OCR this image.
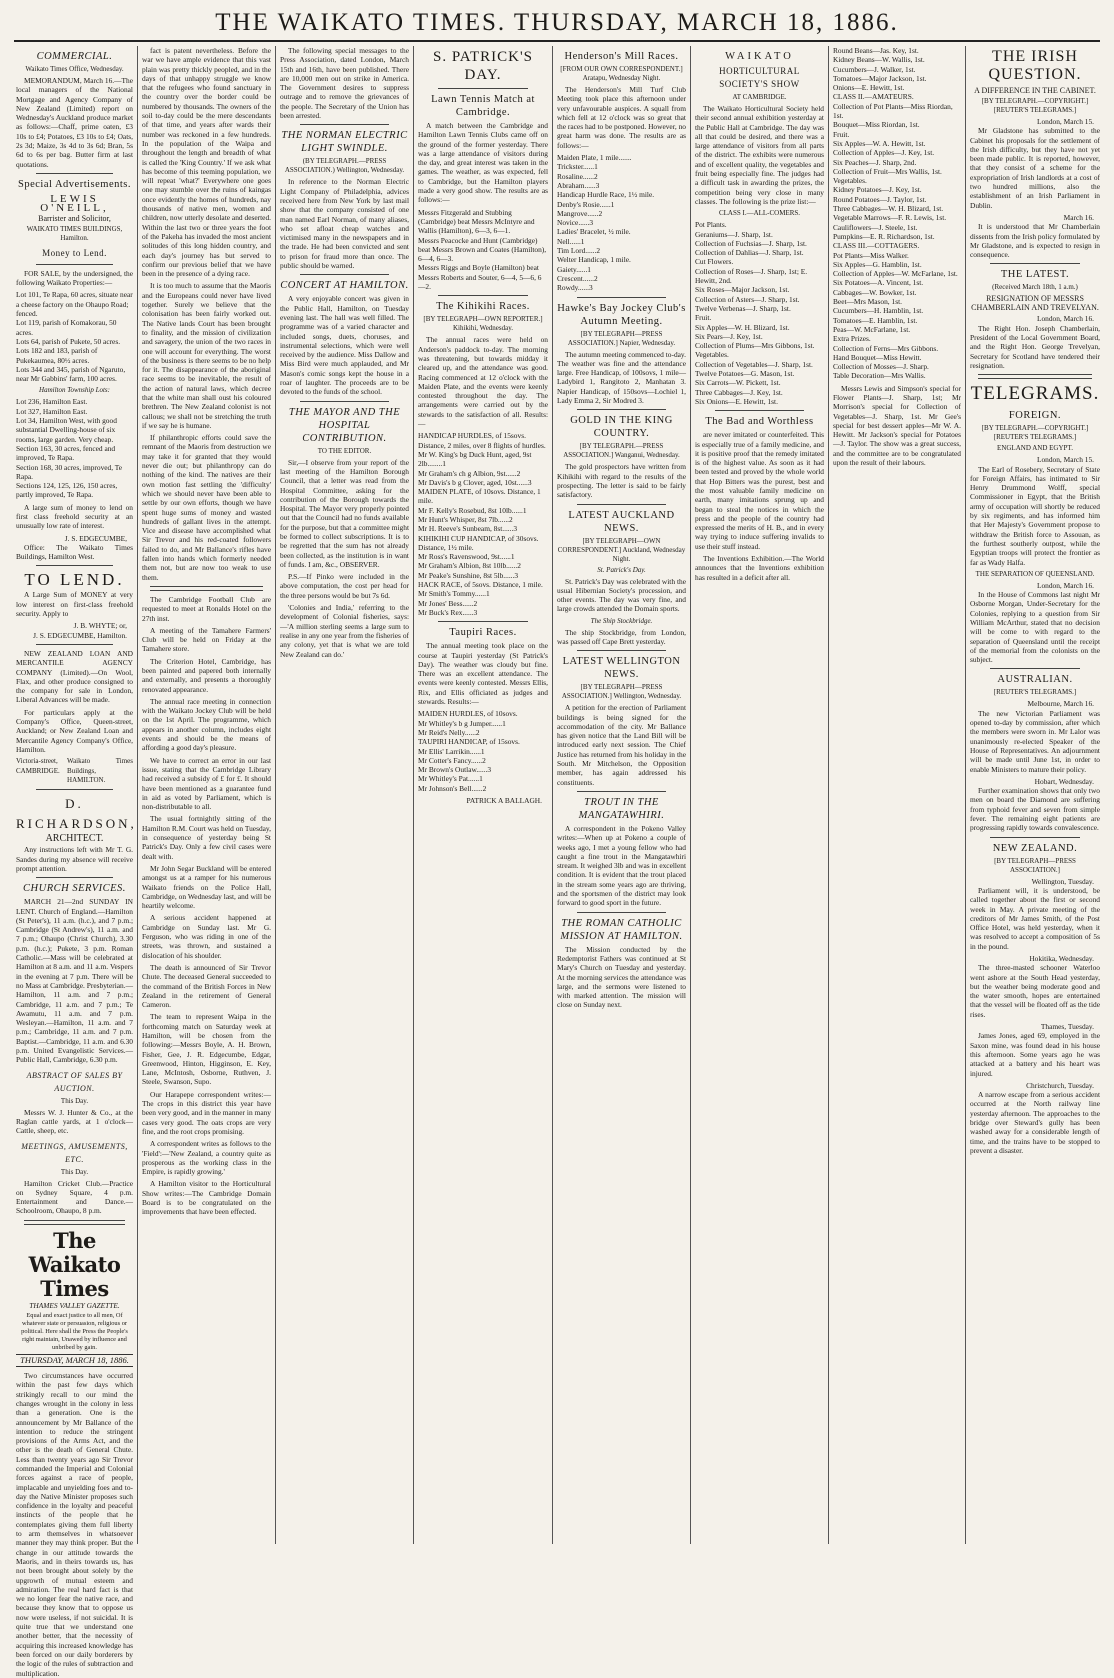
THE WAIKATO TIMES. THURSDAY, MARCH 18, 1886.
COMMERCIAL.
Waikato Times Office, Wednesday.

MEMORANDUM, March 16.—The local managers of the National Mortgage and Agency Company of New Zealand (Limited) report on Wednesday's Auckland produce market as follows:—Chaff, prime oaten, £3 10s to £4; Potatoes, £3 10s to £4; Oats, 2s 3d; Maize, 3s 4d to 3s 6d; Bran, 5s 6d to 6s per bag. Butter firm at last quotations.

Special Advertisements.
LEWIS O'NEILL,
Barrister and Solicitor,
WAIKATO TIMES BUILDINGS, Hamilton.
Money to Lend.

FOR SALE, by the undersigned, the following Waikato Properties:—

Lot 101, Te Rapa, 60 acres, situate near a cheese factory on the Ohaupo Road; fenced.
Lot 119, parish of Komakorau, 50 acres.
Lots 64, parish of Pukete, 50 acres.
Lots 182 and 183, parish of Pukekaumea, 80½ acres.
Lots 344 and 345, parish of Ngaruto, near Mr Gabbins' farm, 100 acres.
Hamilton Township Lots:
Lot 236, Hamilton East.
Lot 327, Hamilton East.
Lot 34, Hamilton West, with good substantial Dwelling-house of six rooms, large garden. Very cheap.
Section 163, 30 acres, fenced and improved, Te Rapa.
Section 168, 30 acres, improved, Te Rapa.
Sections 124, 125, 126, 150 acres, partly improved, Te Rapa.

A large sum of money to lend on first class freehold security at an unusually low rate of interest.

J. S. EDGECUMBE,

Office: The Waikato Times Buildings, Hamilton West.

TO LEND.

A Large Sum of MONEY at very low interest on first-class freehold security. Apply to

J. B. WHYTE; or,
J. S. EDGECUMBE, Hamilton.

NEW ZEALAND LOAN AND MERCANTILE AGENCY COMPANY (Limited).—On Wool, Flax, and other produce consigned to the company for sale in London, Liberal Advances will be made.

For particulars apply at the Company's Office, Queen-street, Auckland; or New Zealand Loan and Mercantile Agency Company's Office, Hamilton.

Victoria-street, CAMBRIDGE.
Waikato Times Buildings, HAMILTON.
D. RICHARDSON,
ARCHITECT.

Any instructions left with Mr T. G. Sandes during my absence will receive prompt attention.

CHURCH SERVICES.

MARCH 21—2nd SUNDAY IN LENT. Church of England.—Hamilton (St Peter's), 11 a.m. (h.c.), and 7 p.m.; Cambridge (St Andrew's), 11 a.m. and 7 p.m.; Ohaupo (Christ Church), 3.30 p.m. (h.c.); Pukete, 3 p.m. Roman Catholic.—Mass will be celebrated at Hamilton at 8 a.m. and 11 a.m. Vespers in the evening at 7 p.m. There will be no Mass at Cambridge. Presbyterian.—Hamilton, 11 a.m. and 7 p.m.; Cambridge, 11 a.m. and 7 p.m.; Te Awamutu, 11 a.m. and 7 p.m. Wesleyan.—Hamilton, 11 a.m. and 7 p.m.; Cambridge, 11 a.m. and 7 p.m. Baptist.—Cambridge, 11 a.m. and 6.30 p.m. United Evangelistic Services.—Public Hall, Cambridge, 6.30 p.m.

ABSTRACT OF SALES BY AUCTION.
This Day.

Messrs W. J. Hunter & Co., at the Raglan cattle yards, at 1 o'clock—Cattle, sheep, etc.

MEETINGS, AMUSEMENTS, ETC.
This Day.

Hamilton Cricket Club.—Practice on Sydney Square, 4 p.m. Entertainment and Dance.—Schoolroom, Ohaupo, 8 p.m.

The Waikato Times
THAMES VALLEY GAZETTE.
Equal and exact justice to all men, Of whatever state or persuasion, religious or political. Here shall the Press the People's right maintain, Unawed by influence and unbribed by gain.
THURSDAY, MARCH 18, 1886.

Two circumstances have occurred within the past few days which strikingly recall to our mind the changes wrought in the colony in less than a generation. One is the announcement by Mr Ballance of the intention to reduce the stringent provisions of the Arms Act, and the other is the death of General Chute. Less than twenty years ago Sir Trevor commanded the Imperial and Colonial forces against a race of people, implacable and unyielding foes and to-day the Native Minister proposes such confidence in the loyalty and peaceful instincts of the people that he contemplates giving them full liberty to arm themselves in whatsoever manner they may think proper. But the change in our attitude towards the Maoris, and in theirs towards us, has not been brought about solely by the upgrowth of mutual esteem and admiration. The real hard fact is that we no longer fear the native race, and because they know that to oppose us now were useless, if not suicidal. It is quite true that we understand one another better, that the necessity of acquiring this increased knowledge has been forced on our daily borderers by the logic of the rules of subtraction and multiplication.

fact is patent nevertheless. Before the war we have ample evidence that this vast plain was pretty thickly peopled, and in the days of that unhappy struggle we know that the refugees who found sanctuary in the country over the border could be numbered by thousands. The owners of the soil to-day could be the mere descendants of that time, and years after wards their number was reckoned in a few hundreds. In the population of the Waipa and throughout the length and breadth of what is called the 'King Country.' If we ask what has become of this teeming population, we will repeat 'what?' Everywhere one goes one may stumble over the ruins of kaingas once evidently the homes of hundreds, nay thousands of native men, women and children, now utterly desolate and deserted. Within the last two or three years the foot of the Pakeha has invaded the most ancient solitudes of this long hidden country, and each day's journey has but served to confirm our previous belief that we have been in the presence of a dying race.

It is too much to assume that the Maoris and the Europeans could never have lived together. Surely we believe that the colonisation has been fairly worked out. The Native lands Court has been brought to finality, and the mission of civilization and savagery, the union of the two races in one will account for everything. The worst of the business is there seems to be no help for it. The disappearance of the aboriginal race seems to be inevitable, the result of the action of natural laws, which decree that the white man shall oust his coloured brethren. The New Zealand colonist is not callous; we shall not be stretching the truth if we say he is humane.

If philanthropic efforts could save the remnant of the Maoris from destruction we may take it for granted that they would never die out; but philanthropy can do nothing of the kind. The natives are their own motion fast settling the 'difficulty' which we should never have been able to settle by our own efforts, though we have spent huge sums of money and wasted hundreds of gallant lives in the attempt. Vice and disease have accomplished what Sir Trevor and his red-coated followers failed to do, and Mr Ballance's rifles have fallen into hands which formerly needed them not, but are now too weak to use them.

The Cambridge Football Club are requested to meet at Ronalds Hotel on the 27th inst.

A meeting of the Tamahere Farmers' Club will be held on Friday at the Tamahere store.

The Criterion Hotel, Cambridge, has been painted and papered both internally and externally, and presents a thoroughly renovated appearance.

The annual race meeting in connection with the Waikato Jockey Club will be held on the 1st April. The programme, which appears in another column, includes eight events and should be the means of affording a good day's pleasure.

We have to correct an error in our last issue, stating that the Cambridge Library had received a subsidy of £ for £. It should have been mentioned as a guarantee fund in aid as voted by Parliament, which is non-distributable to all.

The usual fortnightly sitting of the Hamilton R.M. Court was held on Tuesday, in consequence of yesterday being St Patrick's Day. Only a few civil cases were dealt with.

Mr John Segar Buckland will be entered amongst us at a ramper for his numerous Waikato friends on the Police Hall, Cambridge, on Wednesday last, and will be heartily welcome.

A serious accident happened at Cambridge on Sunday last. Mr G. Ferguson, who was riding in one of the streets, was thrown, and sustained a dislocation of his shoulder.

The death is announced of Sir Trevor Chute. The deceased General succeeded to the command of the British Forces in New Zealand in the retirement of General Cameron.

The team to represent Waipa in the forthcoming match on Saturday week at Hamilton, will be chosen from the following:—Messrs Boyle, A. H. Brown, Fisher, Gee, J. R. Edgecumbe, Edgar, Greenwood, Hinton, Higginson, E. Key, Lane, McIntosh, Osborne, Ruthven, J. Steele, Swanson, Supo.

Our Harapepe correspondent writes:—The crops in this district this year have been very good, and in the manner in many cases very good. The oats crops are very fine, and the root crops promising.

A correspondent writes as follows to the 'Field':—'New Zealand, a country quite as prosperous as the working class in the Empire, is rapidly growing.'

A Hamilton visitor to the Horticultural Show writes:—The Cambridge Domain Board is to be congratulated on the improvements that have been effected.

The following special messages to the Press Association, dated London, March 15th and 16th, have been published. There are 10,000 men out on strike in America. The Government desires to suppress outrage and to remove the grievances of the people. The Secretary of the Union has been arrested.

THE NORMAN ELECTRIC LIGHT SWINDLE.
(BY TELEGRAPH.—PRESS ASSOCIATION.) Wellington, Wednesday.

In reference to the Norman Electric Light Company of Philadelphia, advices received here from New York by last mail show that the company consisted of one man named Earl Norman, of many aliases, who set afloat cheap watches and victimised many in the newspapers and in the trade. He had been convicted and sent to prison for fraud more than once. The public should be warned.

CONCERT AT HAMILTON.

A very enjoyable concert was given in the Public Hall, Hamilton, on Tuesday evening last. The hall was well filled. The programme was of a varied character and included songs, duets, choruses, and instrumental selections, which were well received by the audience. Miss Dallow and Miss Bird were much applauded, and Mr Mason's comic songs kept the house in a roar of laughter. The proceeds are to be devoted to the funds of the school.

THE MAYOR AND THE HOSPITAL CONTRIBUTION.
TO THE EDITOR.

Sir,—I observe from your report of the last meeting of the Hamilton Borough Council, that a letter was read from the Hospital Committee, asking for the contribution of the Borough towards the Hospital. The Mayor very properly pointed out that the Council had no funds available for the purpose, but that a committee might be formed to collect subscriptions. It is to be regretted that the sum has not already been collected, as the institution is in want of funds. I am, &c., OBSERVER.

P.S.—If Pinko were included in the above computation, the cost per head for the three persons would be but 7s 6d.

'Colonies and India,' referring to the development of Colonial fisheries, says:—'A million sterling seems a large sum to realise in any one year from the fisheries of any colony, yet that is what we are told New Zealand can do.'

S. PATRICK'S DAY.
Lawn Tennis Match at Cambridge.

A match between the Cambridge and Hamilton Lawn Tennis Clubs came off on the ground of the former yesterday. There was a large attendance of visitors during the day, and great interest was taken in the games. The weather, as was expected, fell to Cambridge, but the Hamilton players made a very good show. The results are as follows:—

Messrs Fitzgerald and Stubbing (Cambridge) beat Messrs McIntyre and Wallis (Hamilton), 6—3, 6—1.
Messrs Peacocke and Hunt (Cambridge) beat Messrs Brown and Coates (Hamilton), 6—4, 6—3.
Messrs Riggs and Boyle (Hamilton) beat Messrs Roberts and Souter, 6—4, 5—6, 6—2.
The Kihikihi Races.
[BY TELEGRAPH—OWN REPORTER.] Kihikihi, Wednesday.

The annual races were held on Anderson's paddock to-day. The morning was threatening, but towards midday it cleared up, and the attendance was good. Racing commenced at 12 o'clock with the Maiden Plate, and the events were keenly contested throughout the day. The arrangements were carried out by the stewards to the satisfaction of all. Results:—

HANDICAP HURDLES, of 15sovs. Distance, 2 miles, over 8 flights of hurdles.
Mr W. King's bg Duck Hunt, aged, 9st 2lb........1
Mr Graham's ch g Albion, 9st......2
Mr Davis's b g Clover, aged, 10st......3
MAIDEN PLATE, of 10sovs. Distance, 1 mile.
Mr F. Kelly's Rosebud, 8st 10lb......1
Mr Hunt's Whisper, 8st 7lb......2
Mr H. Reeve's Sunbeam, 8st......3
KIHIKIHI CUP HANDICAP, of 30sovs. Distance, 1½ mile.
Mr Ross's Ravenswood, 9st......1
Mr Graham's Albion, 8st 10lb......2
Mr Peake's Sunshine, 8st 5lb......3
HACK RACE, of 5sovs. Distance, 1 mile.
Mr Smith's Tommy......1
Mr Jones' Bess......2
Mr Buck's Rex......3
Taupiri Races.

The annual meeting took place on the course at Taupiri yesterday (St Patrick's Day). The weather was cloudy but fine. There was an excellent attendance. The events were keenly contested. Messrs Ellis, Rix, and Ellis officiated as judges and stewards. Results:—

MAIDEN HURDLES, of 10sovs.
Mr Whitley's b g Jumper......1
Mr Reid's Nelly......2
TAUPIRI HANDICAP, of 15sovs.
Mr Ellis' Larrikin......1
Mr Cotter's Fancy......2
Mr Brown's Outlaw......3
Mr Whitley's Pat......1
Mr Johnson's Bell......2
PATRICK A BALLAGH.
Henderson's Mill Races.
[FROM OUR OWN CORRESPONDENT.] Aratapu, Wednesday Night.

The Henderson's Mill Turf Club Meeting took place this afternoon under very unfavourable auspices. A squall from which fell at 12 o'clock was so great that the races had to be postponed. However, no great harm was done. The results are as follows:—

Maiden Plate, 1 mile.......
Trickster......1
Rosaline......2
Abraham......3
Handicap Hurdle Race, 1½ mile.
Denby's Rosie......1
Mangrove......2
Novice......3
Ladies' Bracelet, ½ mile.
Nell......1
Tim Lord......2
Welter Handicap, 1 mile.
Gaiety......1
Crescent......2
Rowdy......3
Hawke's Bay Jockey Club's Autumn Meeting.
[BY TELEGRAPH—PRESS ASSOCIATION.] Napier, Wednesday.

The autumn meeting commenced to-day. The weather was fine and the attendance large. Free Handicap, of 100sovs, 1 mile—Ladybird 1, Rangitoto 2, Manhatan 3. Napier Handicap, of 150sovs—Lochiel 1, Lady Emma 2, Sir Modred 3.

GOLD IN THE KING COUNTRY.
[BY TELEGRAPH.—PRESS ASSOCIATION.] Wanganui, Wednesday.

The gold prospectors have written from Kihikihi with regard to the results of the prospecting. The letter is said to be fairly satisfactory.

LATEST AUCKLAND NEWS.
[BY TELEGRAPH—OWN CORRESPONDENT.] Auckland, Wednesday Night.
St. Patrick's Day.

St. Patrick's Day was celebrated with the usual Hibernian Society's procession, and other events. The day was very fine, and large crowds attended the Domain sports.

The Ship Stockbridge.

The ship Stockbridge, from London, was passed off Cape Brett yesterday.

LATEST WELLINGTON NEWS.
[BY TELEGRAPH—PRESS ASSOCIATION.] Wellington, Wednesday.

A petition for the erection of Parliament buildings is being signed for the accommodation of the city. Mr Ballance has given notice that the Land Bill will be introduced early next session. The Chief Justice has returned from his holiday in the South. Mr Mitchelson, the Opposition member, has again addressed his constituents.

TROUT IN THE MANGATAWHIRI.

A correspondent in the Pokeno Valley writes:—When up at Pokeno a couple of weeks ago, I met a young fellow who had caught a fine trout in the Mangatawhiri stream. It weighed 3lb and was in excellent condition. It is evident that the trout placed in the stream some years ago are thriving, and the sportsmen of the district may look forward to good sport in the future.

THE ROMAN CATHOLIC MISSION AT HAMILTON.

The Mission conducted by the Redemptorist Fathers was continued at St Mary's Church on Tuesday and yesterday. At the morning services the attendance was large, and the sermons were listened to with marked attention. The mission will close on Sunday next.

WAIKATO
HORTICULTURAL SOCIETY'S SHOW
AT CAMBRIDGE.

The Waikato Horticultural Society held their second annual exhibition yesterday at the Public Hall at Cambridge. The day was all that could be desired, and there was a large attendance of visitors from all parts of the district. The exhibits were numerous and of excellent quality, the vegetables and fruit being especially fine. The judges had a difficult task in awarding the prizes, the competition being very close in many classes. The following is the prize list:—

CLASS I.—ALL-COMERS.
Pot Plants.
Geraniums—J. Sharp, 1st.
Collection of Fuchsias—J. Sharp, 1st.
Collection of Dahlias—J. Sharp, 1st.
Cut Flowers.
Collection of Roses—J. Sharp, 1st; E. Hewitt, 2nd.
Six Roses—Major Jackson, 1st.
Collection of Asters—J. Sharp, 1st.
Twelve Verbenas—J. Sharp, 1st.
Fruit.
Six Apples—W. H. Blizard, 1st.
Six Pears—J. Key, 1st.
Collection of Plums—Mrs Gibbons, 1st.
Vegetables.
Collection of Vegetables—J. Sharp, 1st.
Twelve Potatoes—G. Mason, 1st.
Six Carrots—W. Pickett, 1st.
Three Cabbages—J. Key, 1st.
Six Onions—E. Hewitt, 1st.
The Bad and Worthless

are never imitated or counterfeited. This is especially true of a family medicine, and it is positive proof that the remedy imitated is of the highest value. As soon as it had been tested and proved by the whole world that Hop Bitters was the purest, best and the most valuable family medicine on earth, many imitations sprung up and began to steal the notices in which the press and the people of the country had expressed the merits of H. B., and in every way trying to induce suffering invalids to use their stuff instead.

The Inventions Exhibition.—The World announces that the Inventions exhibition has resulted in a deficit after all.

Round Beans—Jas. Key, 1st.
Kidney Beans—W. Wallis, 1st.
Cucumbers—J. Walker, 1st.
Tomatoes—Major Jackson, 1st.
Onions—E. Hewitt, 1st.
CLASS II.—AMATEURS.
Collection of Pot Plants—Miss Riordan, 1st.
Bouquet—Miss Riordan, 1st.
Fruit.
Six Apples—W. A. Hewitt, 1st.
Collection of Apples—J. Key, 1st.
Six Peaches—J. Sharp, 2nd.
Collection of Fruit—Mrs Wallis, 1st.
Vegetables.
Kidney Potatoes—J. Key, 1st.
Round Potatoes—J. Taylor, 1st.
Three Cabbages—W. H. Blizard, 1st.
Vegetable Marrows—F. R. Lewis, 1st.
Cauliflowers—J. Steele, 1st.
Pumpkins—E. R. Richardson, 1st.
CLASS III.—COTTAGERS.
Pot Plants—Miss Walker.
Six Apples—G. Hamblin, 1st.
Collection of Apples—W. McFarlane, 1st.
Six Potatoes—A. Vincent, 1st.
Cabbages—W. Bowker, 1st.
Beet—Mrs Mason, 1st.
Cucumbers—H. Hamblin, 1st.
Tomatoes—E. Hamblin, 1st.
Peas—W. McFarlane, 1st.
Extra Prizes.
Collection of Ferns—Mrs Gibbons.
Hand Bouquet—Miss Hewitt.
Collection of Mosses—J. Sharp.
Table Decoration—Mrs Wallis.

Messrs Lewis and Simpson's special for Flower Plants—J. Sharp, 1st; Mr Morrison's special for Collection of Vegetables—J. Sharp, 1st. Mr Gee's special for best dessert apples—Mr W. A. Hewitt. Mr Jackson's special for Potatoes—J. Taylor. The show was a great success, and the committee are to be congratulated upon the result of their labours.

THE IRISH QUESTION.
A DIFFERENCE IN THE CABINET.
[BY TELEGRAPH.—COPYRIGHT.] [REUTER'S TELEGRAMS.]
London, March 15.

Mr Gladstone has submitted to the Cabinet his proposals for the settlement of the Irish difficulty, but they have not yet been made public. It is reported, however, that they consist of a scheme for the expropriation of Irish landlords at a cost of two hundred millions, also the establishment of an Irish Parliament in Dublin.

March 16.

It is understood that Mr Chamberlain dissents from the Irish policy formulated by Mr Gladstone, and is expected to resign in consequence.

THE LATEST.
(Received March 18th, 1 a.m.)
RESIGNATION OF MESSRS CHAMBERLAIN AND TREVELYAN.
London, March 16.

The Right Hon. Joseph Chamberlain, President of the Local Government Board, and the Right Hon. George Trevelyan, Secretary for Scotland have tendered their resignation.

TELEGRAMS.
FOREIGN.
[BY TELEGRAPH.—COPYRIGHT.] [REUTER'S TELEGRAMS.]
ENGLAND AND EGYPT.
London, March 15.

The Earl of Rosebery, Secretary of State for Foreign Affairs, has intimated to Sir Henry Drummond Wolff, special Commissioner in Egypt, that the British army of occupation will shortly be reduced by six regiments, and has informed him that Her Majesty's Government propose to withdraw the British force to Assouan, as the furthest southerly outpost, while the Egyptian troops will protect the frontier as far as Wady Halfa.

THE SEPARATION OF QUEENSLAND.
London, March 16.

In the House of Commons last night Mr Osborne Morgan, Under-Secretary for the Colonies, replying to a question from Sir William McArthur, stated that no decision will be come to with regard to the separation of Queensland until the receipt of the memorial from the colonists on the subject.

AUSTRALIAN.
[REUTER'S TELEGRAMS.]
Melbourne, March 16.

The new Victorian Parliament was opened to-day by commission, after which the members were sworn in. Mr Lalor was unanimously re-elected Speaker of the House of Representatives. An adjournment will be made until June 1st, in order to enable Ministers to mature their policy.

Hobart, Wednesday.

Further examination shows that only two men on board the Diamond are suffering from typhoid fever and seven from simple fever. The remaining eight patients are progressing rapidly towards convalescence.

NEW ZEALAND.
[BY TELEGRAPH—PRESS ASSOCIATION.]
Wellington, Tuesday.

Parliament will, it is understood, be called together about the first or second week in May. A private meeting of the creditors of Mr James Smith, of the Post Office Hotel, was held yesterday, when it was resolved to accept a composition of 5s in the pound.

Hokitika, Wednesday.

The three-masted schooner Waterloo went ashore at the South Head yesterday, but the weather being moderate good and the water smooth, hopes are entertained that the vessel will be floated off as the tide rises.

Thames, Tuesday.

James Jones, aged 69, employed in the Saxon mine, was found dead in his house this afternoon. Some years ago he was attacked at a battery and his heart was injured.

Christchurch, Tuesday.

A narrow escape from a serious accident occurred at the North railway line yesterday afternoon. The approaches to the bridge over Steward's gully has been washed away for a considerable length of time, and the trains have to be stopped to prevent a disaster.
